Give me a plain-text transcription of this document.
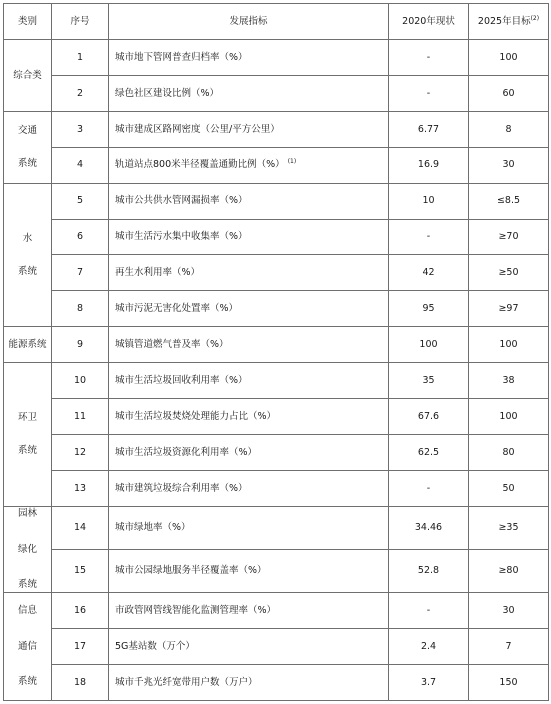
类别	序号	发展指标	2020年现状	2025年目标$^{(2)}$

综合类	1	城市地下管网普查归档率（%）	-	100
	2	绿色社区建设比例（%）	-	60

交通
系统	3	城市建成区路网密度（公里/平方公里）	6.77	8
	4	轨道站点800米半径覆盖通勤比例（%） $^{(1)}$	16.9	30

水
系统	5	城市公共供水管网漏损率（%）	10	≤8.5
	6	城市生活污水集中收集率（%）	-	≥70
	7	再生水利用率（%）	42	≥50
	8	城市污泥无害化处置率（%）	95	≥97

能源系统	9	城镇管道燃气普及率（%）	100	100

环卫
系统	10	城市生活垃圾回收利用率（%）	35	38
	11	城市生活垃圾焚烧处理能力占比（%）	67.6	100
	12	城市生活垃圾资源化利用率（%）	62.5	80
	13	城市建筑垃圾综合利用率（%）	-	50

园林
绿化
系统	14	城市绿地率（%）	34.46	≥35
	15	城市公园绿地服务半径覆盖率（%）	52.8	≥80

信息
通信
系统	16	市政管网管线智能化监测管理率（%）	-	30
	17	5G基站数（万个）	2.4	7
	18	城市千兆光纤宽带用户数（万户）	3.7	150
